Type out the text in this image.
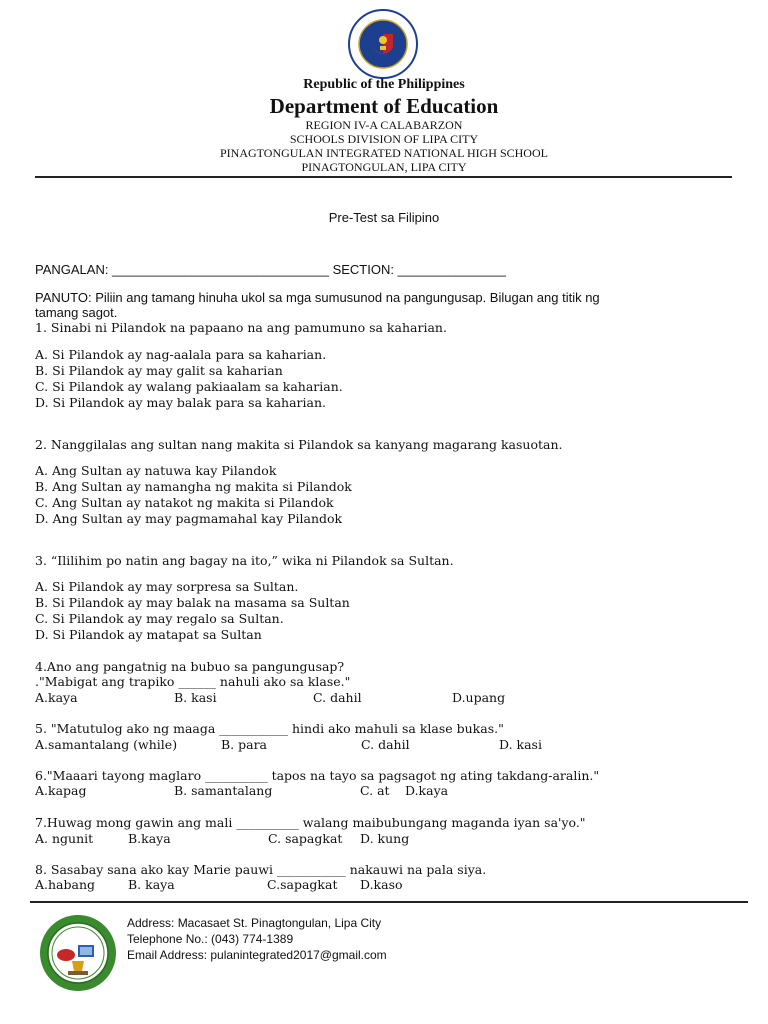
Republic of the Philippines
Department of Education
REGION IV-A CALABARZON
SCHOOLS DIVISION OF LIPA CITY
PINAGTONGULAN INTEGRATED NATIONAL HIGH SCHOOL
PINAGTONGULAN, LIPA CITY
Pre-Test sa Filipino
PANGALAN: ______________________________ SECTION: _______________
PANUTO: Piliin ang tamang hinuha ukol sa mga sumusunod na pangungusap. Bilugan ang titik ng
tamang sagot.
1. Sinabi ni Pilandok na papaano na ang pamumuno sa kaharian.
A. Si Pilandok ay nag-aalala para sa kaharian.
B. Si Pilandok ay may galit sa kaharian
C. Si Pilandok ay walang pakiaalam sa kaharian.
D. Si Pilandok ay may balak para sa kaharian.
2. Nanggilalas ang sultan nang makita si Pilandok sa kanyang magarang kasuotan.
A. Ang Sultan ay natuwa kay Pilandok
B. Ang Sultan ay namangha ng makita si Pilandok
C. Ang Sultan ay natakot ng makita si Pilandok
D. Ang Sultan ay may pagmamahal kay Pilandok
3. “Ililihim po natin ang bagay na ito,” wika ni Pilandok sa Sultan.
A. Si Pilandok ay may sorpresa sa Sultan.
B. Si Pilandok ay may balak na masama sa Sultan
C. Si Pilandok ay may regalo sa Sultan.
D. Si Pilandok ay matapat sa Sultan
4.Ano ang pangatnig na bubuo sa pangungusap?
."Mabigat ang trapiko ______ nahuli ako sa klase."
A.kaya	B. kasi	C. dahil	D.upang
5. "Matutulog ako ng maaga ___________ hindi ako mahuli sa klase bukas."
A.samantalang (while)	B. para	C. dahil	D. kasi
6."Maaari tayong maglaro __________ tapos na tayo sa pagsagot ng ating takdang-aralin."
A.kapag	B. samantalang	C. at D.kaya
7.Huwag mong gawin ang mali __________ walang maibubungang maganda iyan sa'yo."
A. ngunit	B.kaya	C. sapagkat D. kung
8. Sasabay sana ako kay Marie pauwi ___________ nakauwi na pala siya.
A.habang	B. kaya	C.sapagkat D.kaso
Address: Macasaet St. Pinagtongulan, Lipa City
Telephone No.: (043) 774-1389
Email Address: pulanintegrated2017@gmail.com
